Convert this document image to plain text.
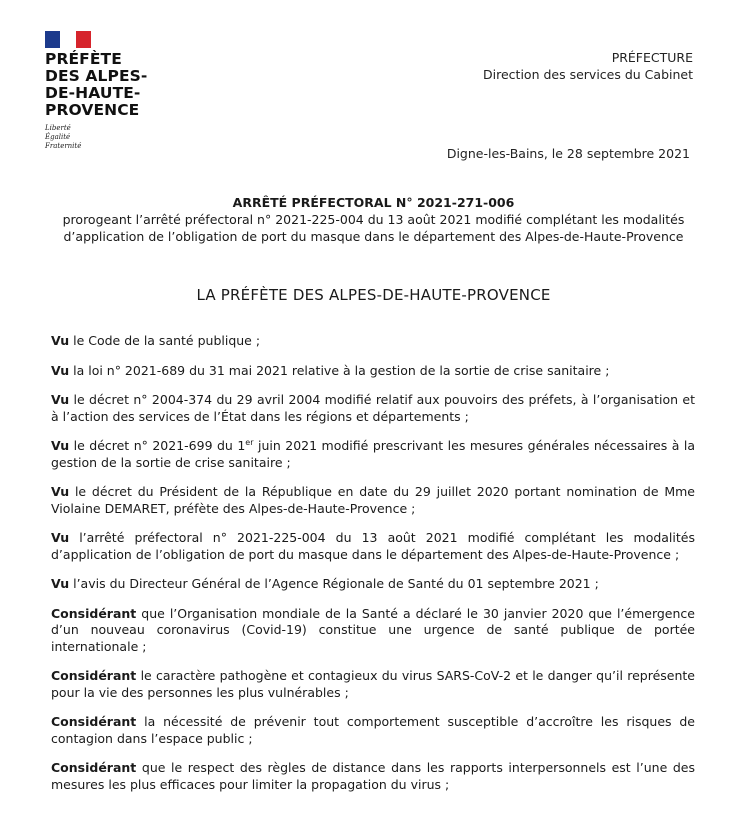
PRÉFÈTE
DES ALPES-
DE-HAUTE-
PROVENCE
Liberté
Égalité
Fraternité
PRÉFECTURE
Direction des services du Cabinet
Digne-les-Bains, le 28 septembre 2021
ARRÊTÉ PRÉFECTORAL N° 2021-271-006
prorogeant l’arrêté préfectoral n° 2021-225-004 du 13 août 2021 modifié complétant les modalités
d’application de l’obligation de port du masque dans le département des Alpes-de-Haute-Provence
LA PRÉFÈTE DES ALPES-DE-HAUTE-PROVENCE

Vu le Code de la santé publique ;

Vu la loi n° 2021-689 du 31 mai 2021 relative à la gestion de la sortie de crise sanitaire ;

Vu le décret n° 2004-374 du 29 avril 2004 modifié relatif aux pouvoirs des préfets, à l’organisation et à l’action des services de l’État dans les régions et départements ;

Vu le décret n° 2021-699 du 1er juin 2021 modifié prescrivant les mesures générales nécessaires à la gestion de la sortie de crise sanitaire ;

Vu le décret du Président de la République en date du 29 juillet 2020 portant nomination de Mme Violaine DEMARET, préfète des Alpes-de-Haute-Provence ;

Vu l’arrêté préfectoral n° 2021-225-004 du 13 août 2021 modifié complétant les modalités d’application de l’obligation de port du masque dans le département des Alpes-de-Haute-Provence ;

Vu l’avis du Directeur Général de l’Agence Régionale de Santé du 01 septembre 2021 ;

Considérant que l’Organisation mondiale de la Santé a déclaré le 30 janvier 2020 que l’émergence d’un nouveau coronavirus (Covid-19) constitue une urgence de santé publique de portée internationale ;

Considérant le caractère pathogène et contagieux du virus SARS-CoV-2 et le danger qu’il représente pour la vie des personnes les plus vulnérables ;

Considérant la nécessité de prévenir tout comportement susceptible d’accroître les risques de contagion dans l’espace public ;

Considérant que le respect des règles de distance dans les rapports interpersonnels est l’une des mesures les plus efficaces pour limiter la propagation du virus ;
